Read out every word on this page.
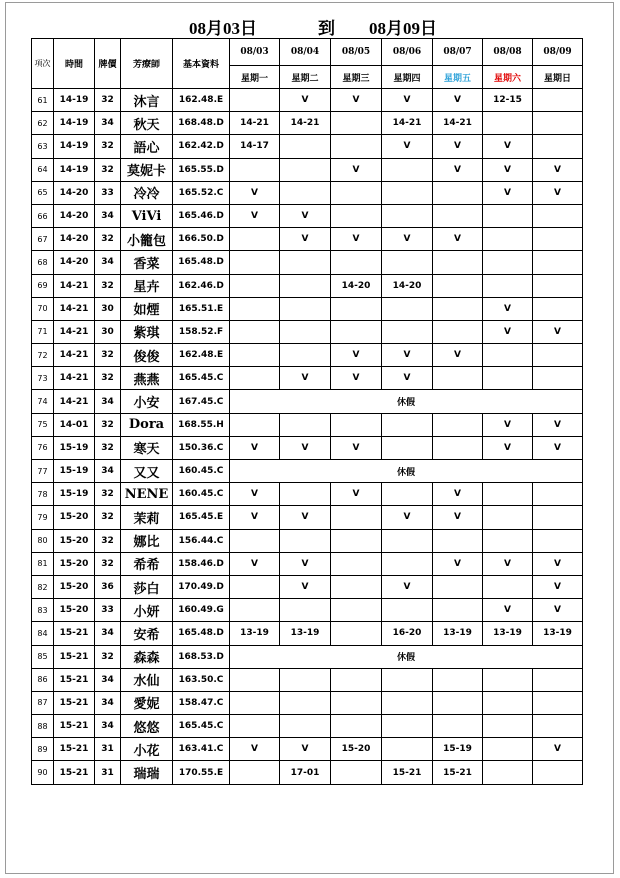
08月03日	到 08月09日
項次	時間	牌價	芳療師	基本資料	08/03	08/04	08/05	08/06	08/07	08/08	08/09
					星期一	星期二	星期三	星期四	星期五	星期六	星期日
61	14-19	32	沐言	162.48.E		V	V	V	V	12-15	
62	14-19	34	秋天	168.48.D	14-21	14-21		14-21	14-21		
63	14-19	32	語心	162.42.D	14-17			V	V	V	
64	14-19	32	莫妮卡	165.55.D			V		V	V	V
65	14-20	33	冷冷	165.52.C	V					V	V
66	14-20	34	ViVi	165.46.D	V	V					
67	14-20	32	小籠包	166.50.D		V	V	V	V		
68	14-20	34	香菜	165.48.D							
69	14-21	32	星卉	162.46.D			14-20	14-20			
70	14-21	30	如煙	165.51.E						V	
71	14-21	30	紫琪	158.52.F						V	V
72	14-21	32	俊俊	162.48.E			V	V	V		
73	14-21	32	燕燕	165.45.C		V	V	V			
74	14-21	34	小安	167.45.C	休假						
75	14-01	32	Dora	168.55.H						V	V
76	15-19	32	寒天	150.36.C	V	V	V			V	V
77	15-19	34	又又	160.45.C	休假						
78	15-19	32	NENE	160.45.C	V		V		V		
79	15-20	32	茉莉	165.45.E	V	V		V	V		
80	15-20	32	娜比	156.44.C							
81	15-20	32	希希	158.46.D	V	V			V	V	V
82	15-20	36	莎白	170.49.D		V		V			V
83	15-20	33	小妍	160.49.G						V	V
84	15-21	34	安希	165.48.D	13-19	13-19		16-20	13-19	13-19	13-19
85	15-21	32	森森	168.53.D	休假						
86	15-21	34	水仙	163.50.C							
87	15-21	34	愛妮	158.47.C							
88	15-21	34	悠悠	165.45.C							
89	15-21	31	小花	163.41.C	V	V	15-20		15-19		V
90	15-21	31	瑞瑞	170.55.E		17-01		15-21	15-21		
